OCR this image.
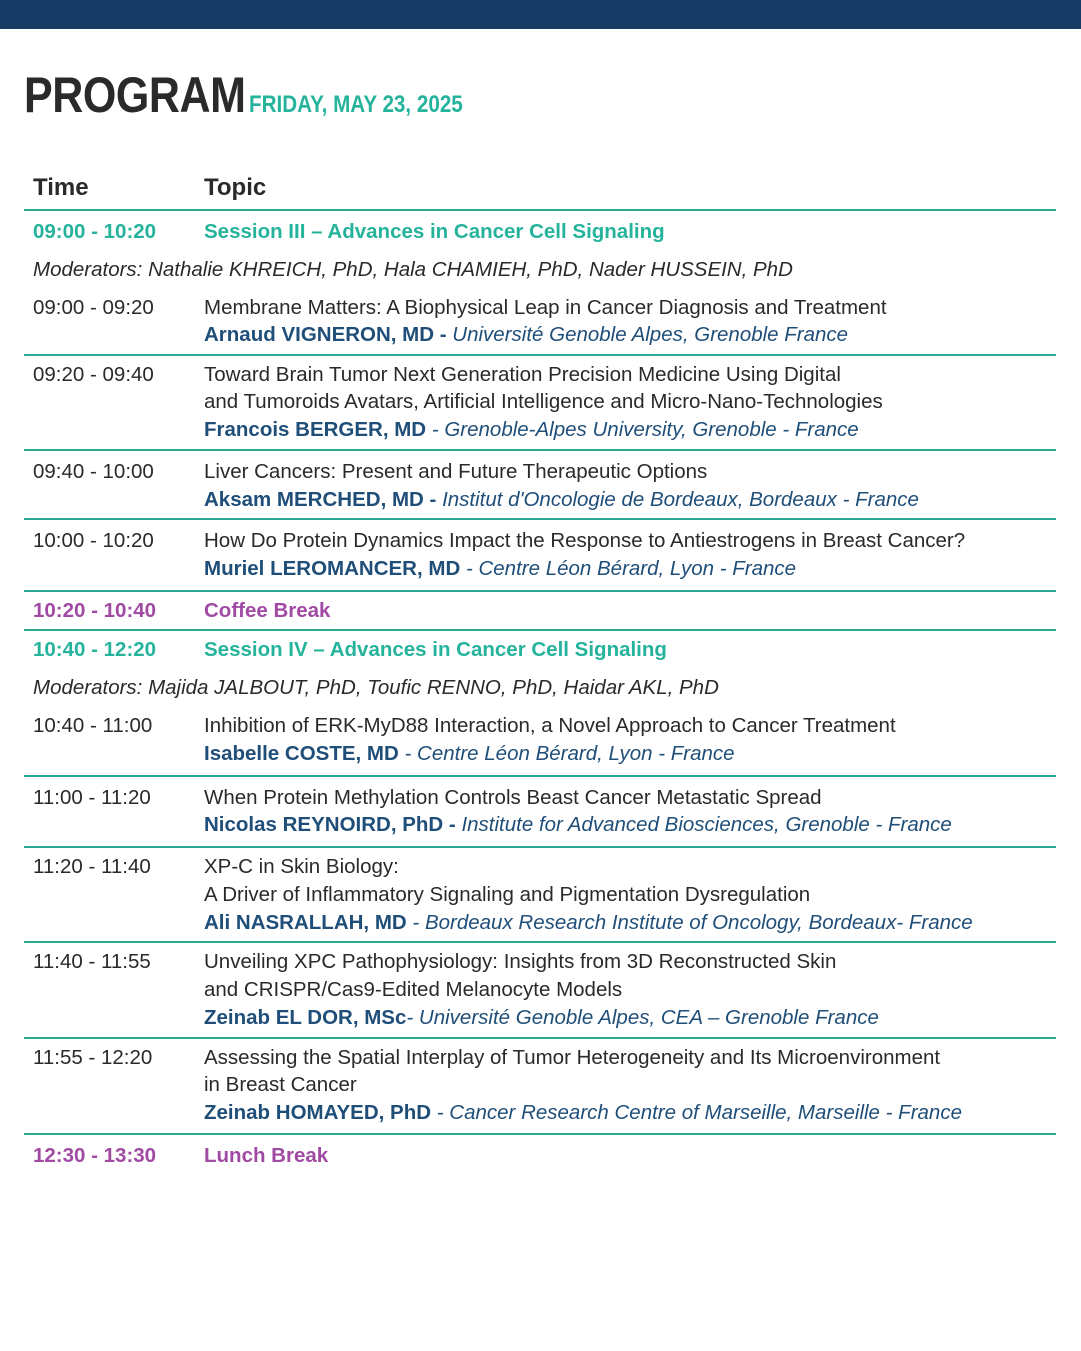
PROGRAM FRIDAY, MAY 23, 2025
Time	Topic
09:00 - 10:20 Session III – Advances in Cancer Cell Signaling
Moderators: Nathalie KHREICH, PhD, Hala CHAMIEH, PhD, Nader HUSSEIN, PhD
09:00 - 09:20 Membrane Matters: A Biophysical Leap in Cancer Diagnosis and Treatment
Arnaud VIGNERON, MD - Université Genoble Alpes, Grenoble France
09:20 - 09:40 Toward Brain Tumor Next Generation Precision Medicine Using Digital
and Tumoroids Avatars, Artificial Intelligence and Micro-Nano-Technologies
Francois BERGER, MD - Grenoble-Alpes University, Grenoble - France
09:40 - 10:00 Liver Cancers: Present and Future Therapeutic Options
Aksam MERCHED, MD - Institut d'Oncologie de Bordeaux, Bordeaux - France
10:00 - 10:20 How Do Protein Dynamics Impact the Response to Antiestrogens in Breast Cancer?
Muriel LEROMANCER, MD - Centre Léon Bérard, Lyon - France
10:20 - 10:40 Coffee Break
10:40 - 12:20 Session IV – Advances in Cancer Cell Signaling
Moderators: Majida JALBOUT, PhD, Toufic RENNO, PhD, Haidar AKL, PhD
10:40 - 11:00	Inhibition of ERK-MyD88 Interaction, a Novel Approach to Cancer Treatment
Isabelle COSTE, MD - Centre Léon Bérard, Lyon - France
11:00 - 11:20	When Protein Methylation Controls Beast Cancer Metastatic Spread
Nicolas REYNOIRD, PhD - Institute for Advanced Biosciences, Grenoble - France
11:20 - 11:40	XP-C in Skin Biology:
A Driver of Inflammatory Signaling and Pigmentation Dysregulation
Ali NASRALLAH, MD - Bordeaux Research Institute of Oncology, Bordeaux- France
11:40 - 11:55	Unveiling XPC Pathophysiology: Insights from 3D Reconstructed Skin
and CRISPR/Cas9-Edited Melanocyte Models
Zeinab EL DOR, MSc- Université Genoble Alpes, CEA – Grenoble France
11:55 - 12:20	Assessing the Spatial Interplay of Tumor Heterogeneity and Its Microenvironment
in Breast Cancer
Zeinab HOMAYED, PhD - Cancer Research Centre of Marseille, Marseille - France
12:30 - 13:30 Lunch Break
